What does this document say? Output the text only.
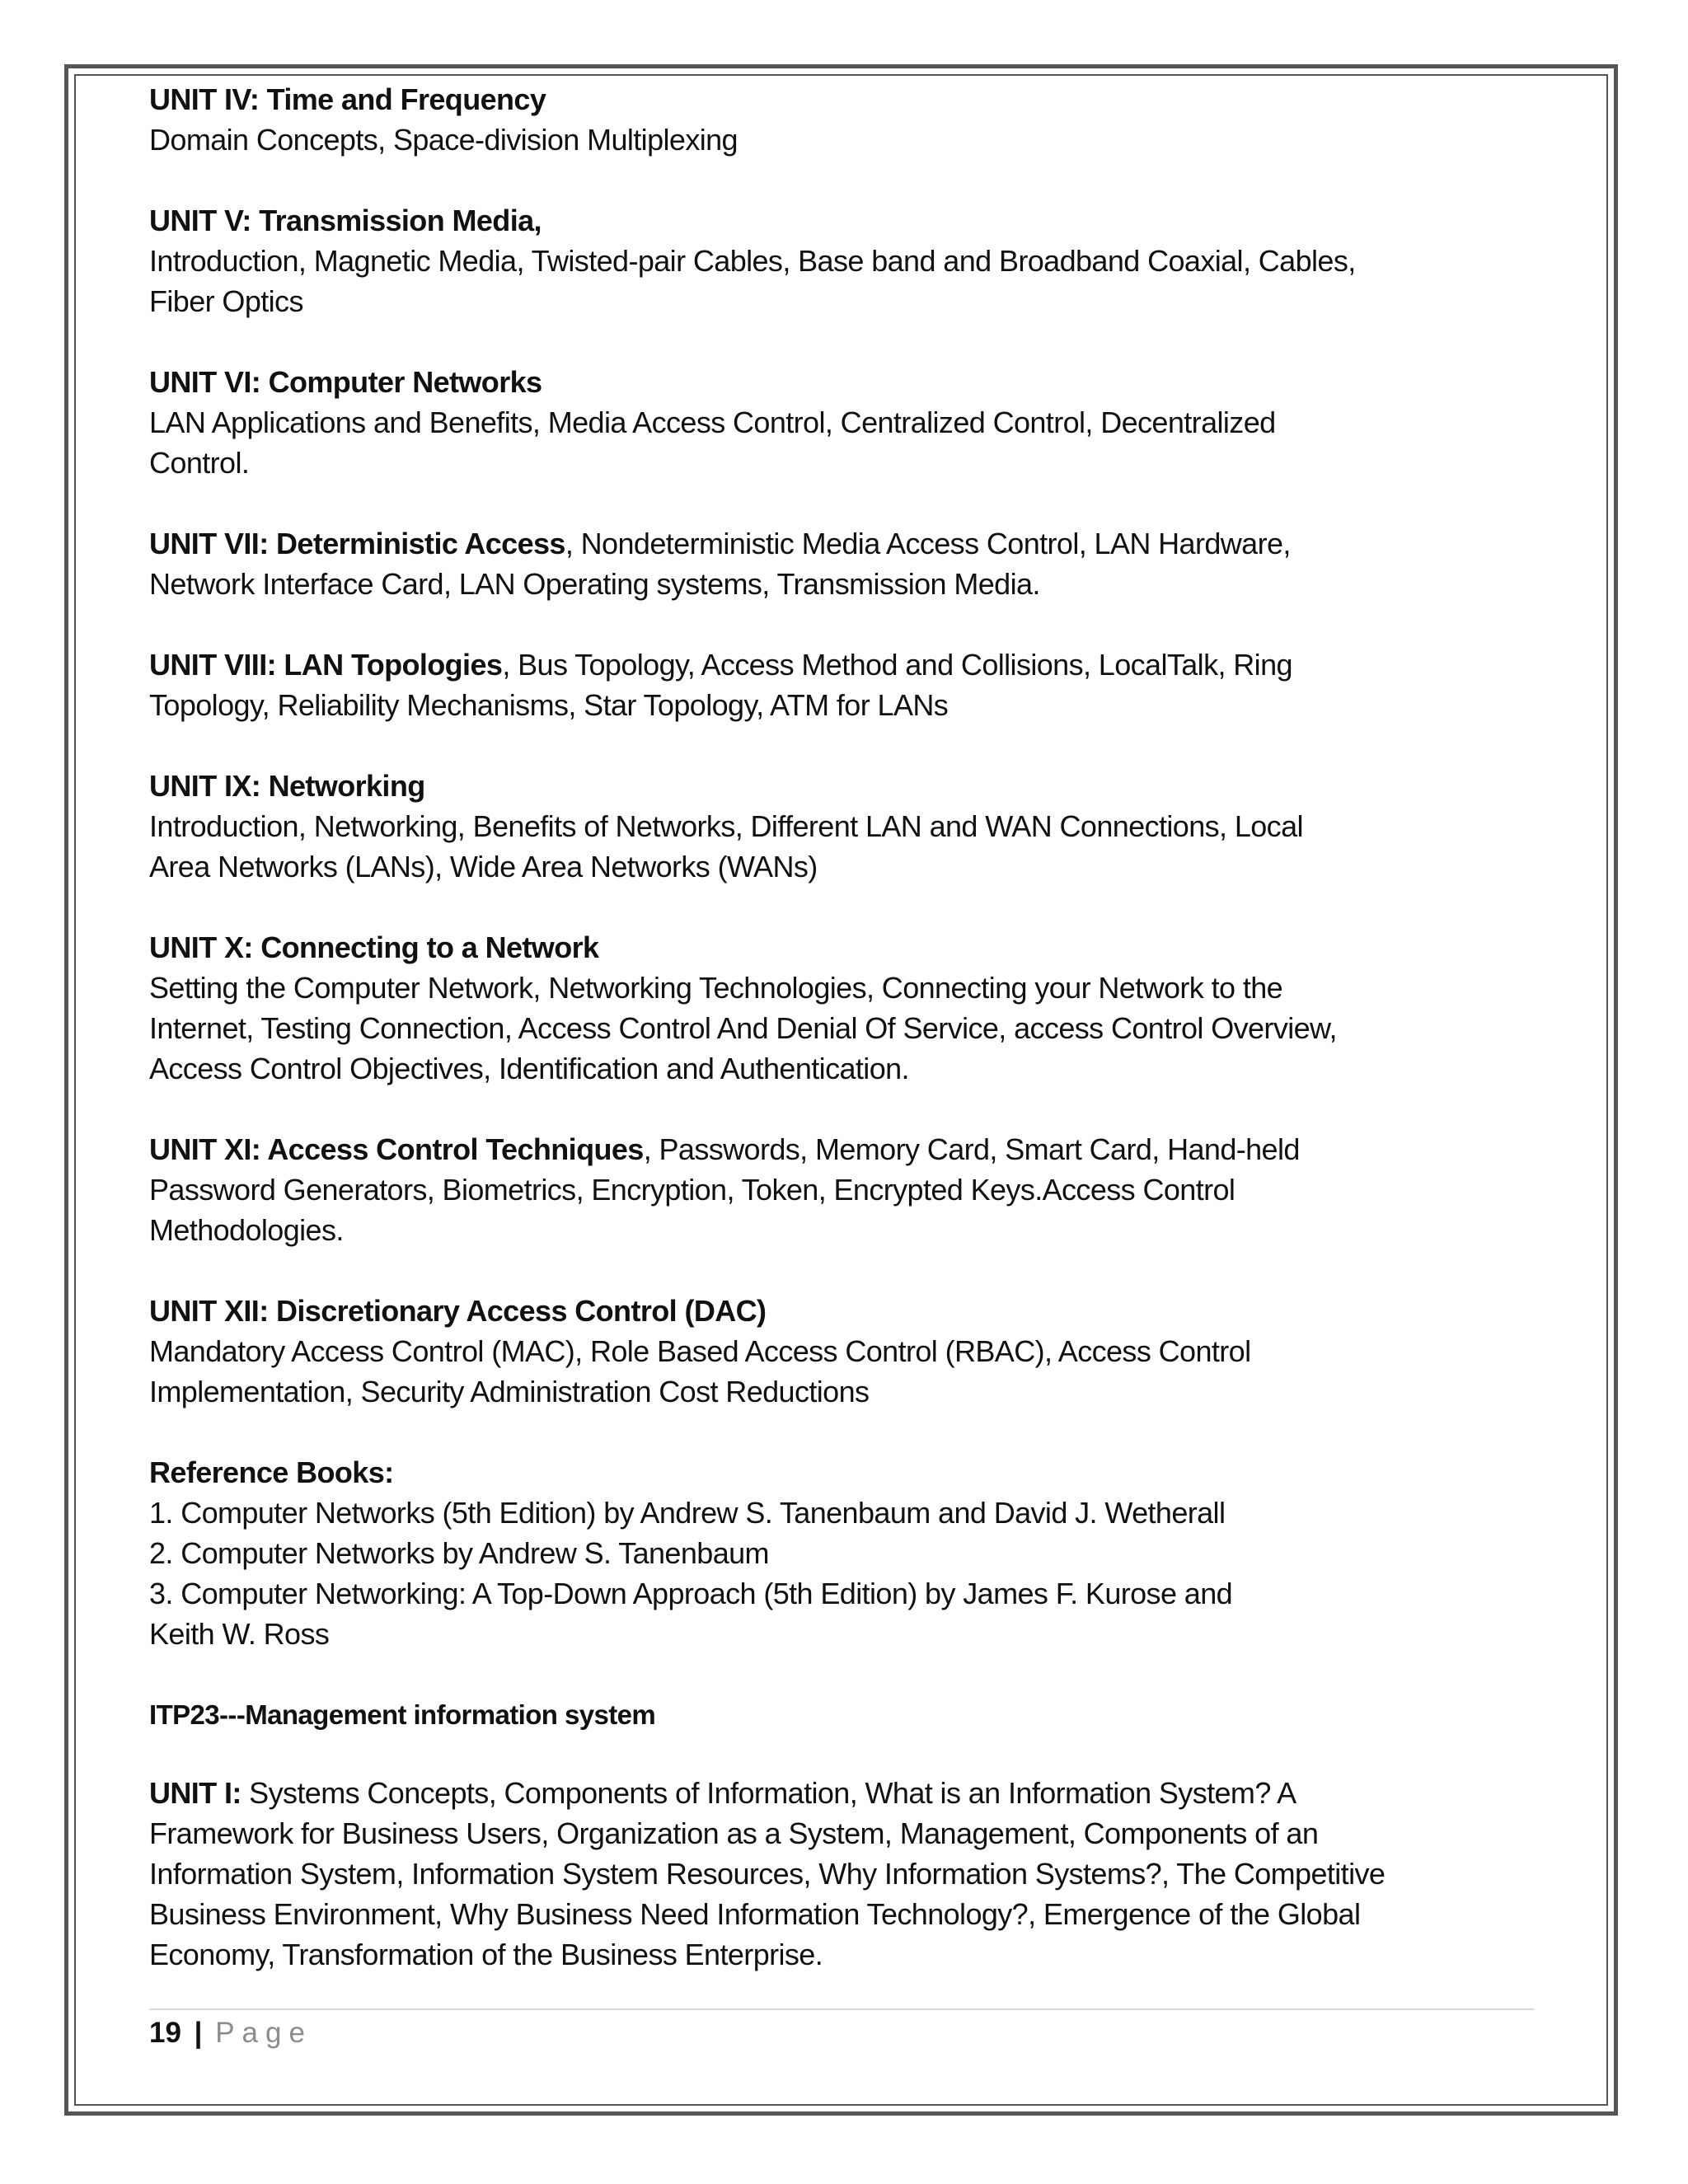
UNIT IV: Time and Frequency
Domain Concepts, Space-division Multiplexing
UNIT V: Transmission Media,
Introduction, Magnetic Media, Twisted-pair Cables, Base band and Broadband Coaxial, Cables,
Fiber Optics
UNIT VI: Computer Networks
LAN Applications and Benefits, Media Access Control, Centralized Control, Decentralized
Control.
UNIT VII: Deterministic Access, Nondeterministic Media Access Control, LAN Hardware,
Network Interface Card, LAN Operating systems, Transmission Media.
UNIT VIII: LAN Topologies, Bus Topology, Access Method and Collisions, LocalTalk, Ring
Topology, Reliability Mechanisms, Star Topology, ATM for LANs
UNIT IX: Networking
Introduction, Networking, Benefits of Networks, Different LAN and WAN Connections, Local
Area Networks (LANs), Wide Area Networks (WANs)
UNIT X: Connecting to a Network
Setting the Computer Network, Networking Technologies, Connecting your Network to the
Internet, Testing Connection, Access Control And Denial Of Service, access Control Overview,
Access Control Objectives, Identification and Authentication.
UNIT XI: Access Control Techniques, Passwords, Memory Card, Smart Card, Hand-held
Password Generators, Biometrics, Encryption, Token, Encrypted Keys.Access Control
Methodologies.
UNIT XII: Discretionary Access Control (DAC)
Mandatory Access Control (MAC), Role Based Access Control (RBAC), Access Control
Implementation, Security Administration Cost Reductions
Reference Books:
1. Computer Networks (5th Edition) by Andrew S. Tanenbaum and David J. Wetherall
2. Computer Networks by Andrew S. Tanenbaum
3. Computer Networking: A Top-Down Approach (5th Edition) by James F. Kurose and
Keith W. Ross
ITP23---Management information system
UNIT I: Systems Concepts, Components of Information, What is an Information System? A
Framework for Business Users, Organization as a System, Management, Components of an
Information System, Information System Resources, Why Information Systems?, The Competitive
Business Environment, Why Business Need Information Technology?, Emergence of the Global
Economy, Transformation of the Business Enterprise.
19 | Page
